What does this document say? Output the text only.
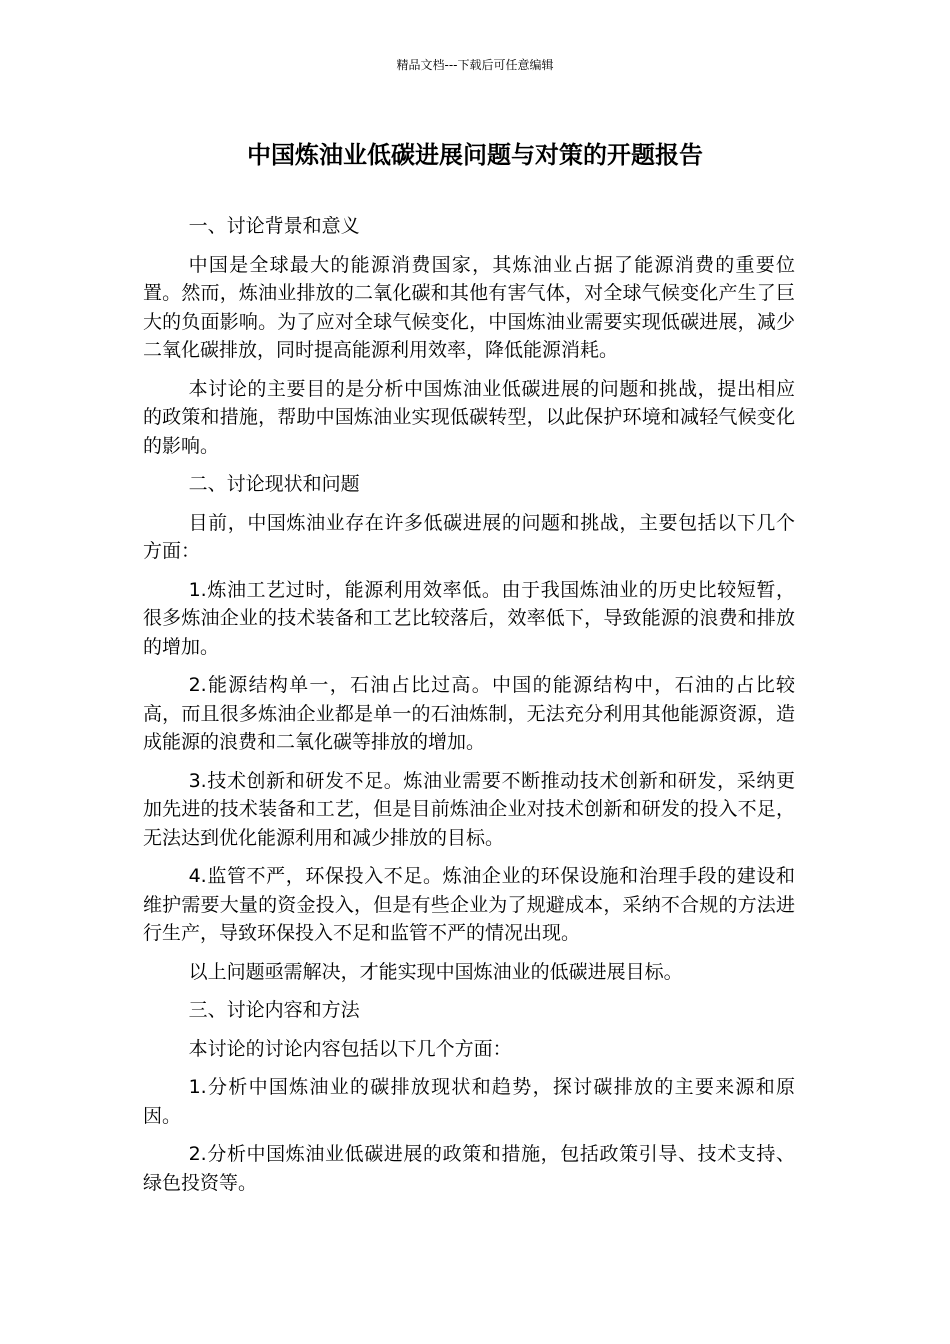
精品文档---下载后可任意编辑
中国炼油业低碳进展问题与对策的开题报告

一、讨论背景和意义

中国是全球最大的能源消费国家，其炼油业占据了能源消费的重要位置。然而，炼油业排放的二氧化碳和其他有害气体，对全球气候变化产生了巨大的负面影响。为了应对全球气候变化，中国炼油业需要实现低碳进展，减少二氧化碳排放，同时提高能源利用效率，降低能源消耗。

本讨论的主要目的是分析中国炼油业低碳进展的问题和挑战，提出相应的政策和措施，帮助中国炼油业实现低碳转型，以此保护环境和减轻气候变化的影响。

二、讨论现状和问题

目前，中国炼油业存在许多低碳进展的问题和挑战，主要包括以下几个方面：

1.炼油工艺过时，能源利用效率低。由于我国炼油业的历史比较短暂，很多炼油企业的技术装备和工艺比较落后，效率低下，导致能源的浪费和排放的增加。

2.能源结构单一，石油占比过高。中国的能源结构中，石油的占比较高，而且很多炼油企业都是单一的石油炼制，无法充分利用其他能源资源，造成能源的浪费和二氧化碳等排放的增加。

3.技术创新和研发不足。炼油业需要不断推动技术创新和研发，采纳更加先进的技术装备和工艺，但是目前炼油企业对技术创新和研发的投入不足，无法达到优化能源利用和减少排放的目标。

4.监管不严，环保投入不足。炼油企业的环保设施和治理手段的建设和维护需要大量的资金投入，但是有些企业为了规避成本，采纳不合规的方法进行生产，导致环保投入不足和监管不严的情况出现。

以上问题亟需解决，才能实现中国炼油业的低碳进展目标。

三、讨论内容和方法

本讨论的讨论内容包括以下几个方面：

1.分析中国炼油业的碳排放现状和趋势，探讨碳排放的主要来源和原因。

2.分析中国炼油业低碳进展的政策和措施，包括政策引导、技术支持、绿色投资等。
